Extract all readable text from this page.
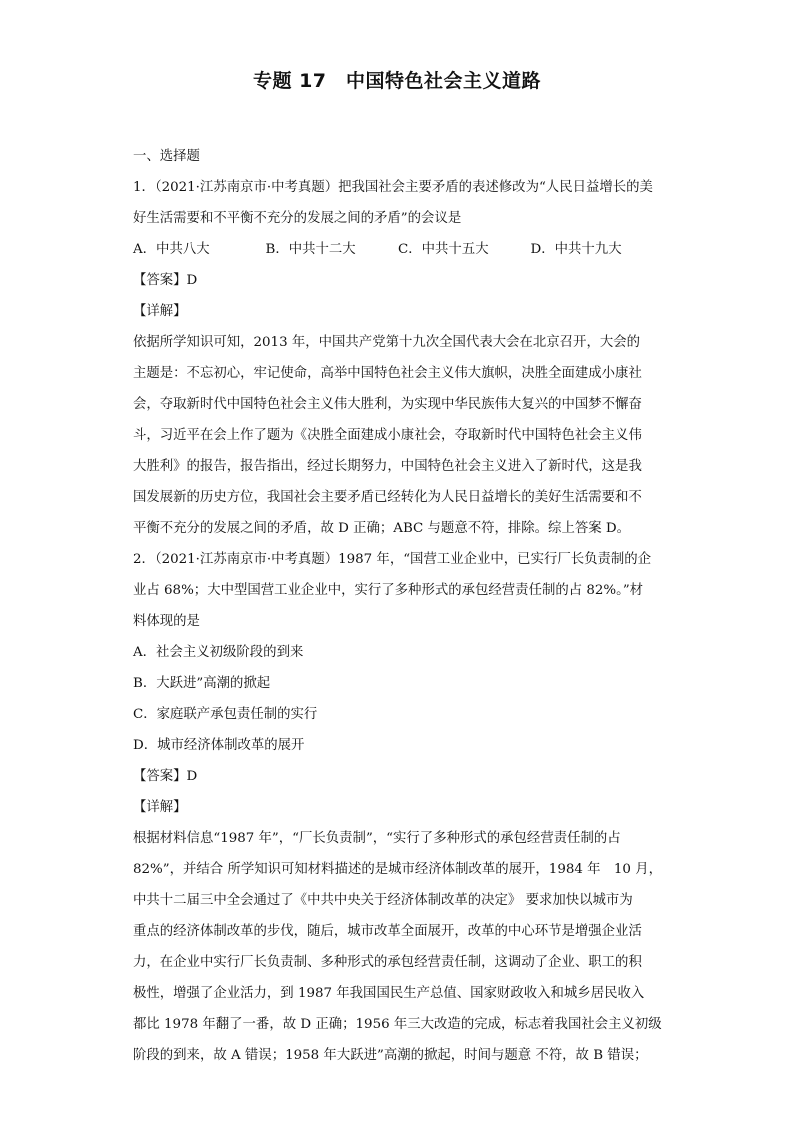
专题 17　中国特色社会主义道路
一、选择题
1．（2021·江苏南京市·中考真题）把我国社会主要矛盾的表述修改为“人民日益增长的美
好生活需要和不平衡不充分的发展之间的矛盾”的会议是
A．中共八大	B．中共十二大	C．中共十五大	D．中共十九大
【答案】D
【详解】
依据所学知识可知，2013 年，中国共产党第十九次全国代表大会在北京召开，大会的
主题是：不忘初心，牢记使命，高举中国特色社会主义伟大旗帜，决胜全面建成小康社
会，夺取新时代中国特色社会主义伟大胜利，为实现中华民族伟大复兴的中国梦不懈奋
斗，习近平在会上作了题为《决胜全面建成小康社会，夺取新时代中国特色社会主义伟
大胜利》的报告，报告指出，经过长期努力，中国特色社会主义进入了新时代，这是我
国发展新的历史方位，我国社会主要矛盾已经转化为人民日益增长的美好生活需要和不
平衡不充分的发展之间的矛盾，故 D 正确；ABC 与题意不符，排除。综上答案 D。
2．（2021·江苏南京市·中考真题）1987 年，“国营工业企业中，已实行厂长负责制的企
业占 68%；大中型国营工业企业中，实行了多种形式的承包经营责任制的占 82%。”材
料体现的是
A．社会主义初级阶段的到来
B．大跃进”高潮的掀起
C．家庭联产承包责任制的实行
D．城市经济体制改革的展开
【答案】D
【详解】
根据材料信息“1987 年”，“厂长负责制”，“实行了多种形式的承包经营责任制的占
82%”，并结合 所学知识可知材料描述的是城市经济体制改革的展开，1984 年　10 月，
中共十二届三中全会通过了《中共中央关于经济体制改革的决定》 要求加快以城市为
重点的经济体制改革的步伐，随后，城市改革全面展开，改革的中心环节是增强企业活
力，在企业中实行厂长负责制、多种形式的承包经营责任制，这调动了企业、职工的积
极性，增强了企业活力，到 1987 年我国国民生产总值、国家财政收入和城乡居民收入
都比 1978 年翻了一番，故 D 正确；1956 年三大改造的完成，标志着我国社会主义初级
阶段的到来，故 A 错误；1958 年大跃进”高潮的掀起，时间与题意 不符，故 B 错误；
